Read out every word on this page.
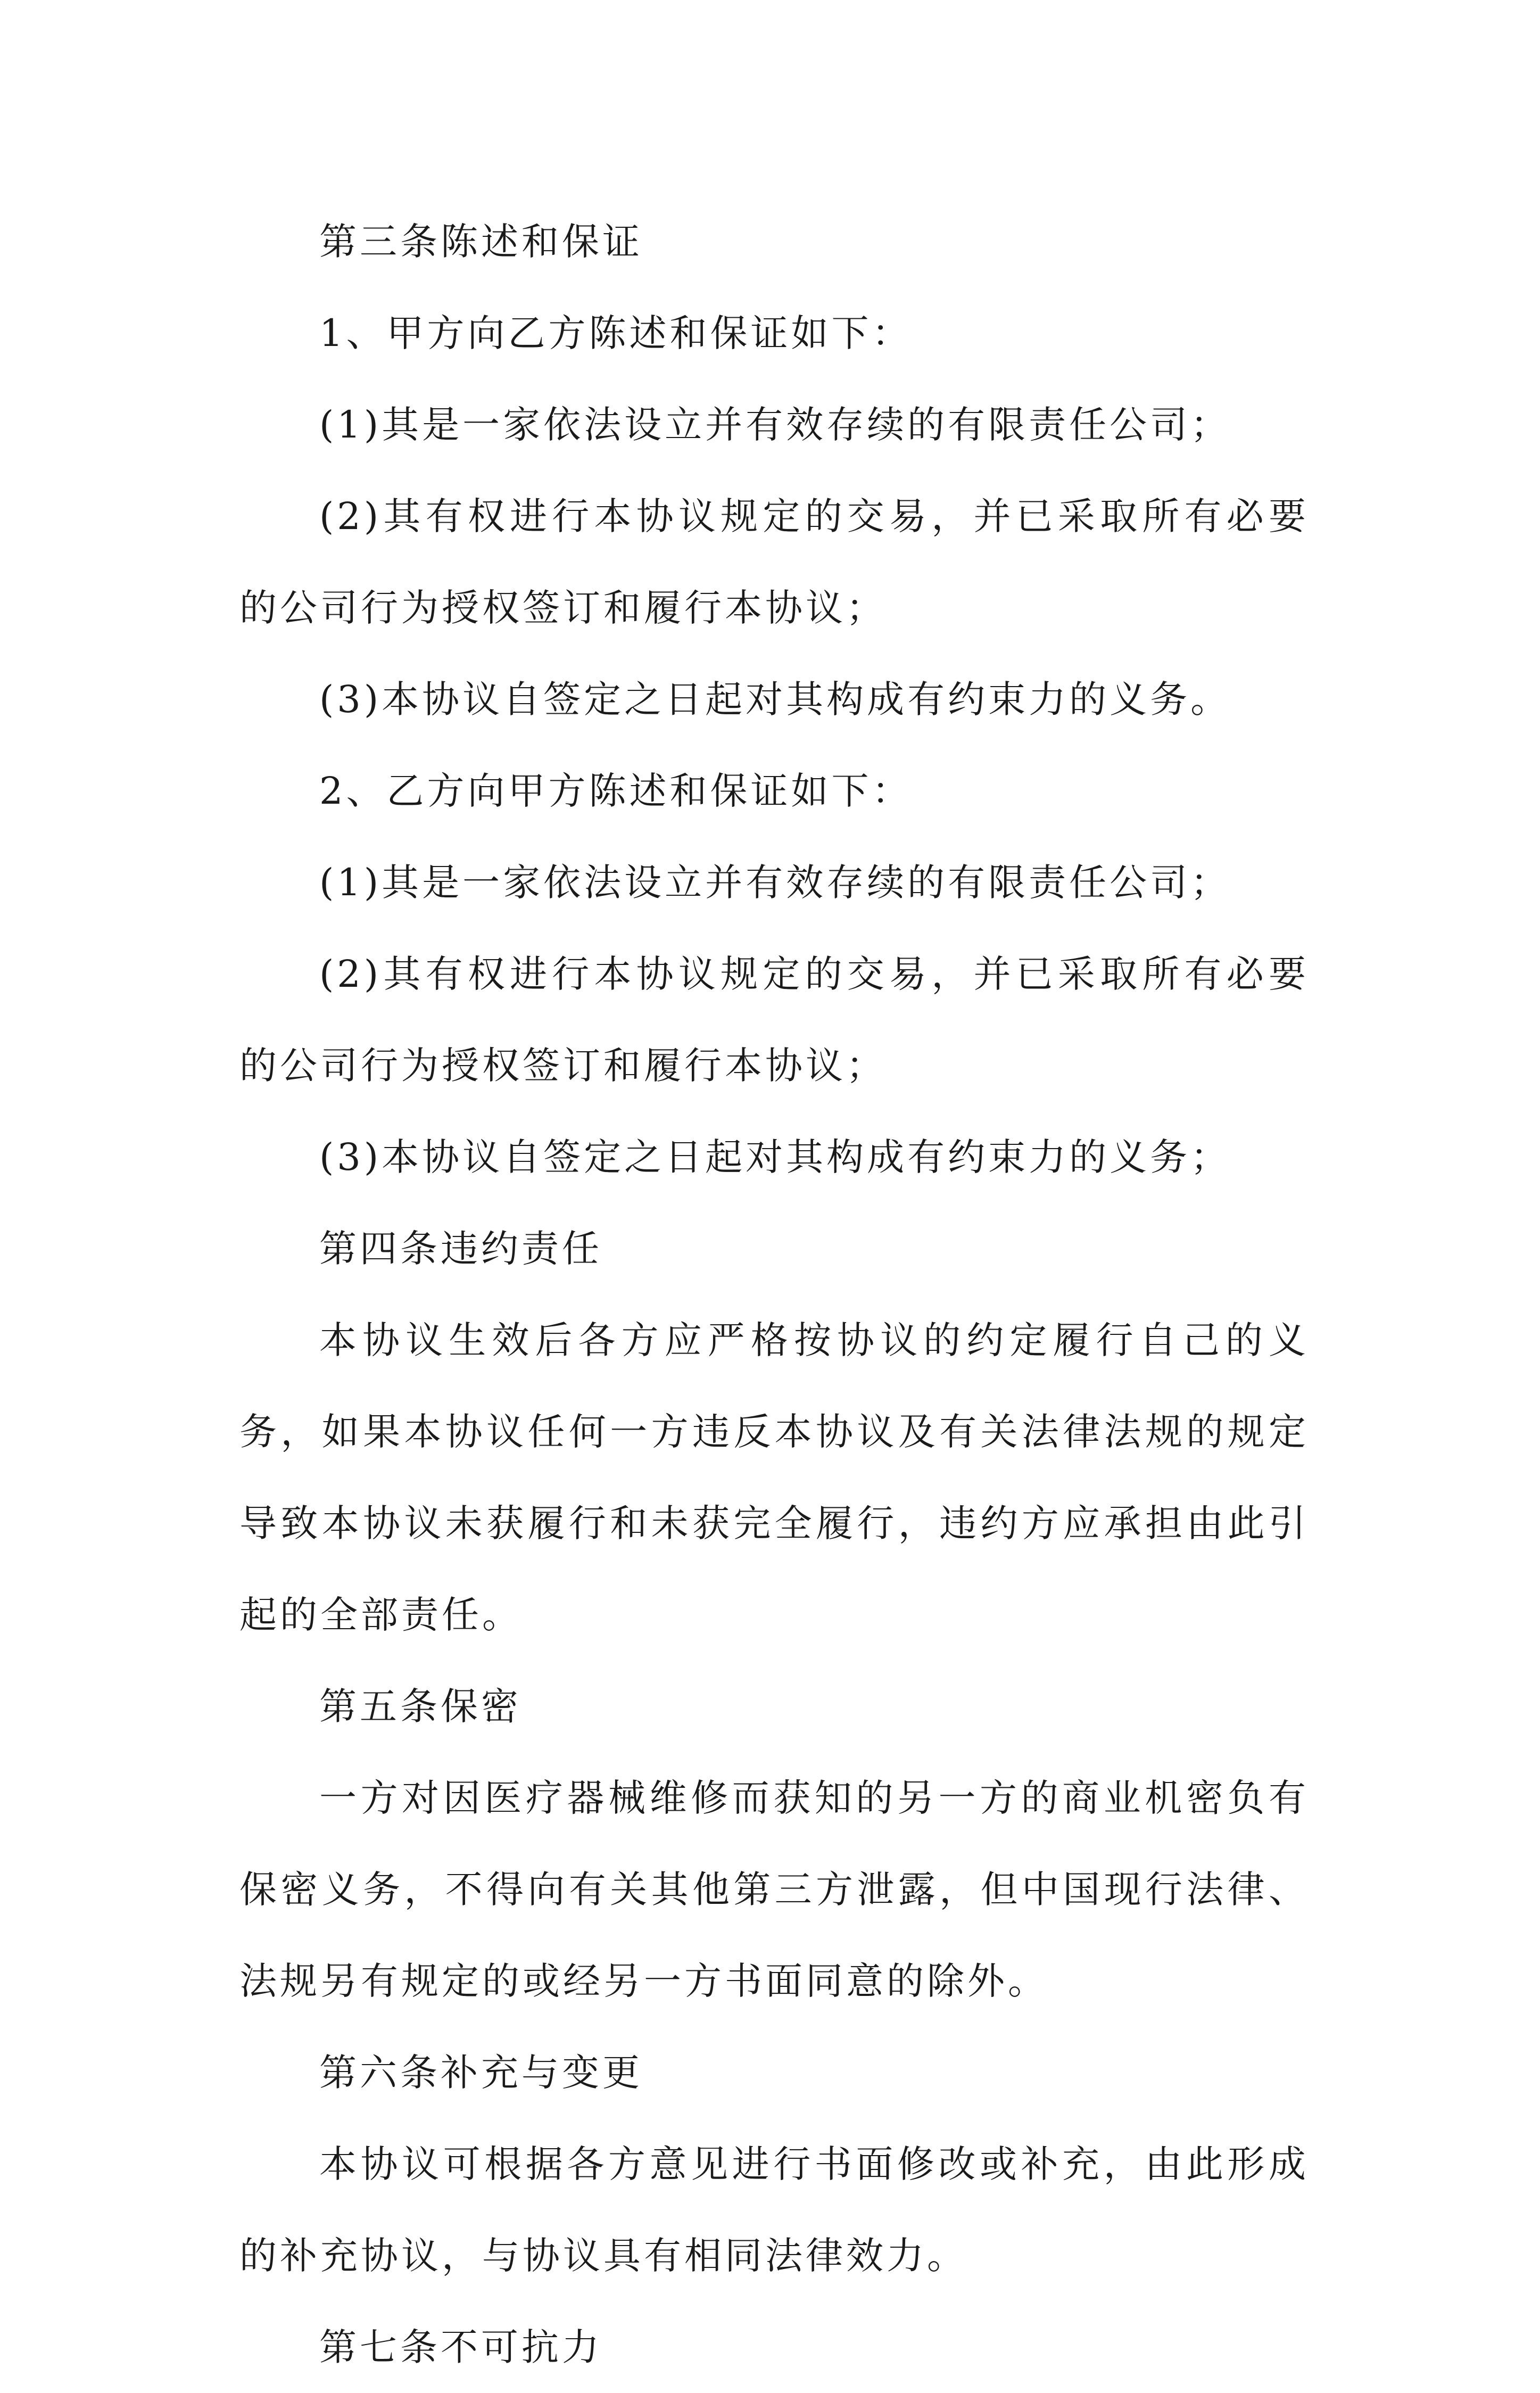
第三条陈述和保证

1、甲方向乙方陈述和保证如下：

(1)其是一家依法设立并有效存续的有限责任公司；

(2)其有权进行本协议规定的交易，并已采取所有必要的公司行为授权签订和履行本协议；

(3)本协议自签定之日起对其构成有约束力的义务。

2、乙方向甲方陈述和保证如下：

(1)其是一家依法设立并有效存续的有限责任公司；

(2)其有权进行本协议规定的交易，并已采取所有必要的公司行为授权签订和履行本协议；

(3)本协议自签定之日起对其构成有约束力的义务；

第四条违约责任

本协议生效后各方应严格按协议的约定履行自己的义务，如果本协议任何一方违反本协议及有关法律法规的规定导致本协议未获履行和未获完全履行，违约方应承担由此引起的全部责任。

第五条保密

一方对因医疗器械维修而获知的另一方的商业机密负有保密义务，不得向有关其他第三方泄露，但中国现行法律、法规另有规定的或经另一方书面同意的除外。

第六条补充与变更

本协议可根据各方意见进行书面修改或补充，由此形成的补充协议，与协议具有相同法律效力。

第七条不可抗力
